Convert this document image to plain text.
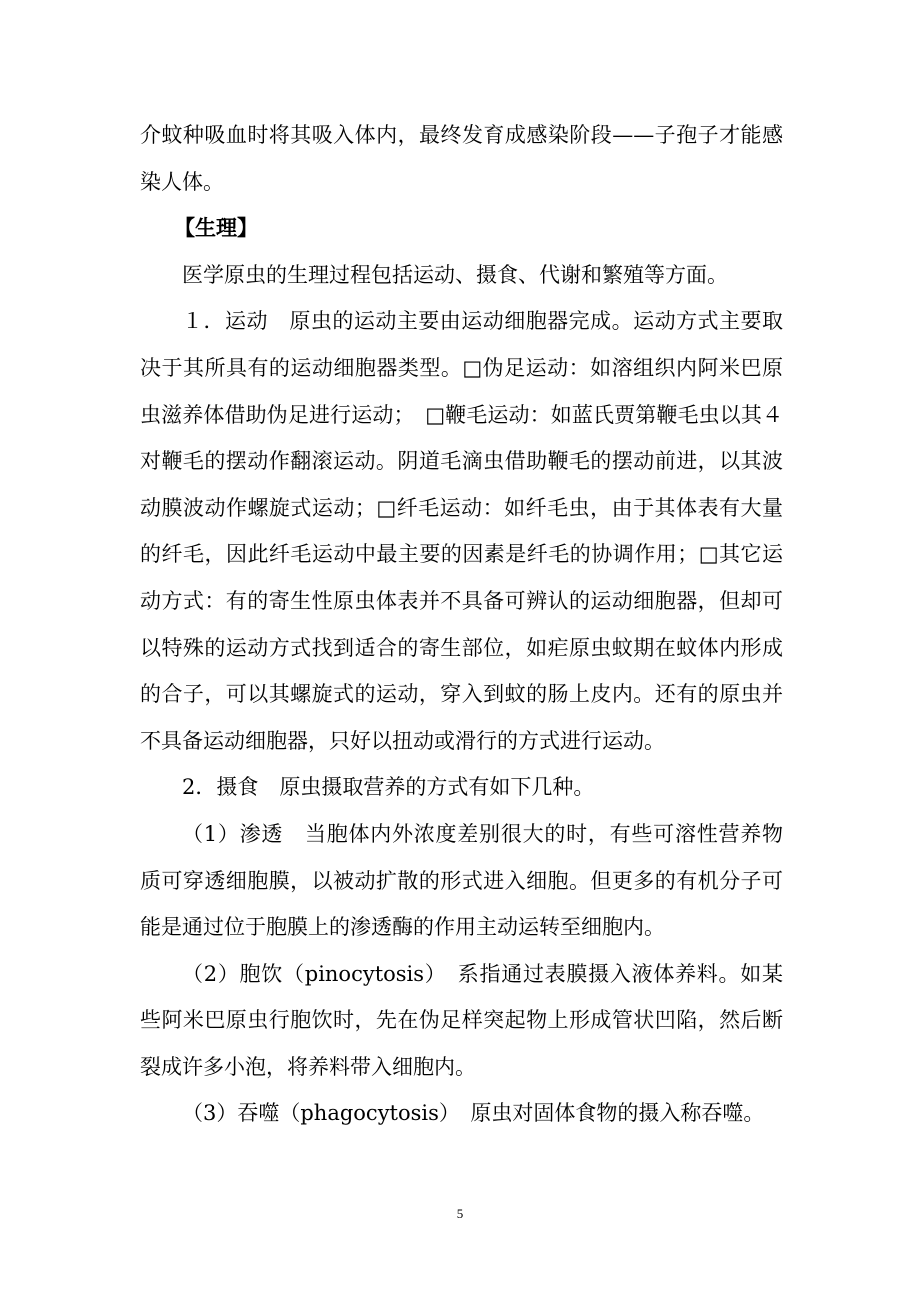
介蚊种吸血时将其吸入体内，最终发育成感染阶段——子孢子才能感染人体。

【生理】

医学原虫的生理过程包括运动、摄食、代谢和繁殖等方面。

１．运动　原虫的运动主要由运动细胞器完成。运动方式主要取决于其所具有的运动细胞器类型。□伪足运动：如溶组织内阿米巴原虫滋养体借助伪足进行运动；　□鞭毛运动：如蓝氏贾第鞭毛虫以其４对鞭毛的摆动作翻滚运动。阴道毛滴虫借助鞭毛的摆动前进，以其波动膜波动作螺旋式运动；□纤毛运动：如纤毛虫，由于其体表有大量的纤毛，因此纤毛运动中最主要的因素是纤毛的协调作用；□其它运动方式：有的寄生性原虫体表并不具备可辨认的运动细胞器，但却可以特殊的运动方式找到适合的寄生部位，如疟原虫蚊期在蚊体内形成的合子，可以其螺旋式的运动，穿入到蚊的肠上皮内。还有的原虫并不具备运动细胞器，只好以扭动或滑行的方式进行运动。

2．摄食　原虫摄取营养的方式有如下几种。

（1）渗透　当胞体内外浓度差别很大的时，有些可溶性营养物质可穿透细胞膜，以被动扩散的形式进入细胞。但更多的有机分子可能是通过位于胞膜上的渗透酶的作用主动运转至细胞内。

（2）胞饮（pinocytosis）　系指通过表膜摄入液体养料。如某些阿米巴原虫行胞饮时，先在伪足样突起物上形成管状凹陷，然后断裂成许多小泡，将养料带入细胞内。

（3）吞噬（phagocytosis）　原虫对固体食物的摄入称吞噬。

5
